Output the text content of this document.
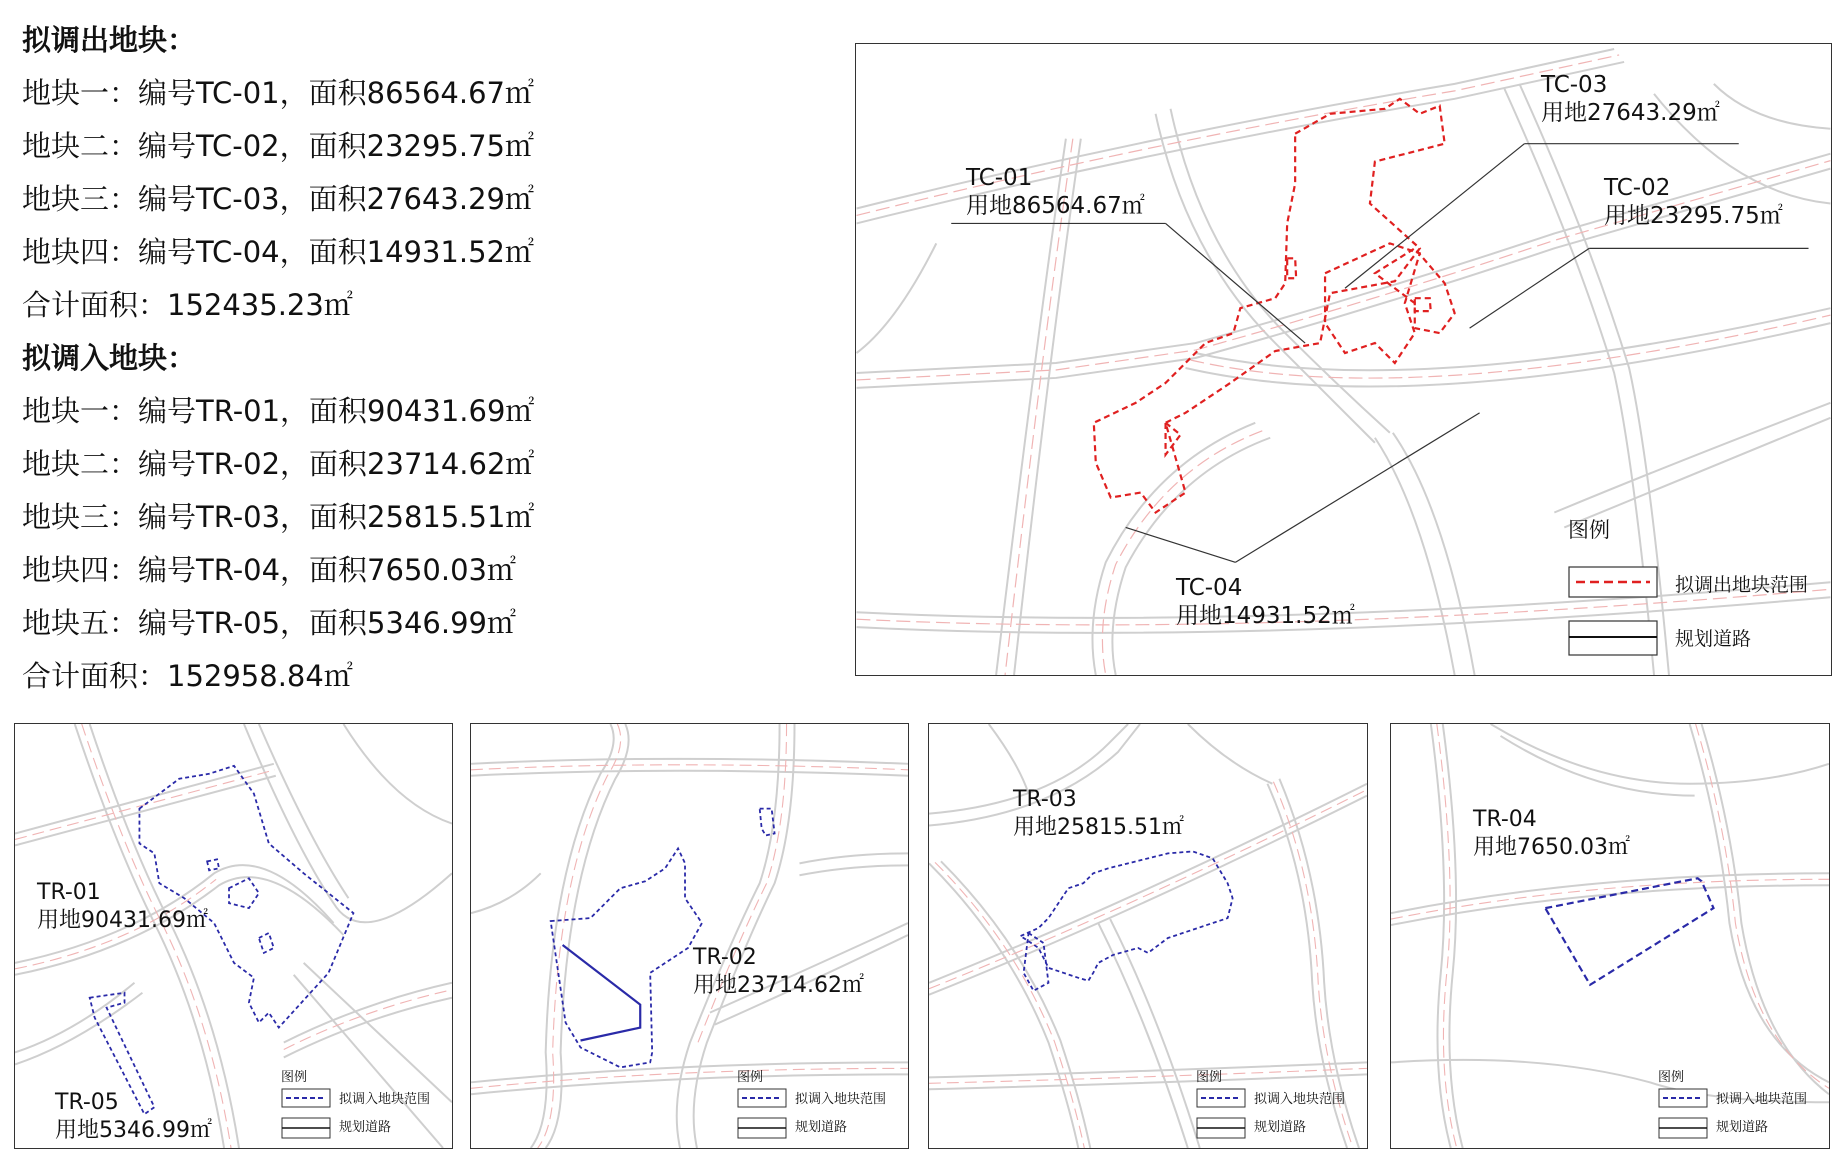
拟调出地块：
地块一：编号TC-01，面积86564.67㎡
地块二：编号TC-02，面积23295.75㎡
地块三：编号TC-03，面积27643.29㎡
地块四：编号TC-04，面积14931.52㎡
合计面积：152435.23㎡
拟调入地块：
地块一：编号TR-01，面积90431.69㎡
地块二：编号TR-02，面积23714.62㎡
地块三：编号TR-03，面积25815.51㎡
地块四：编号TR-04，面积7650.03㎡
地块五：编号TR-05，面积5346.99㎡
合计面积：152958.84㎡
TC-01
用地86564.67㎡
TC-03
用地27643.29㎡
TC-02
用地23295.75㎡
TC-04
用地14931.52㎡
图例
拟调出地块范围
规划道路
TR-01
用地90431.69㎡
TR-05
用地5346.99㎡
图例
拟调入地块范围
规划道路
TR-02
用地23714.62㎡
图例
拟调入地块范围
规划道路
TR-03
用地25815.51㎡
图例
拟调入地块范围
规划道路
TR-04
用地7650.03㎡
图例
拟调入地块范围
规划道路
